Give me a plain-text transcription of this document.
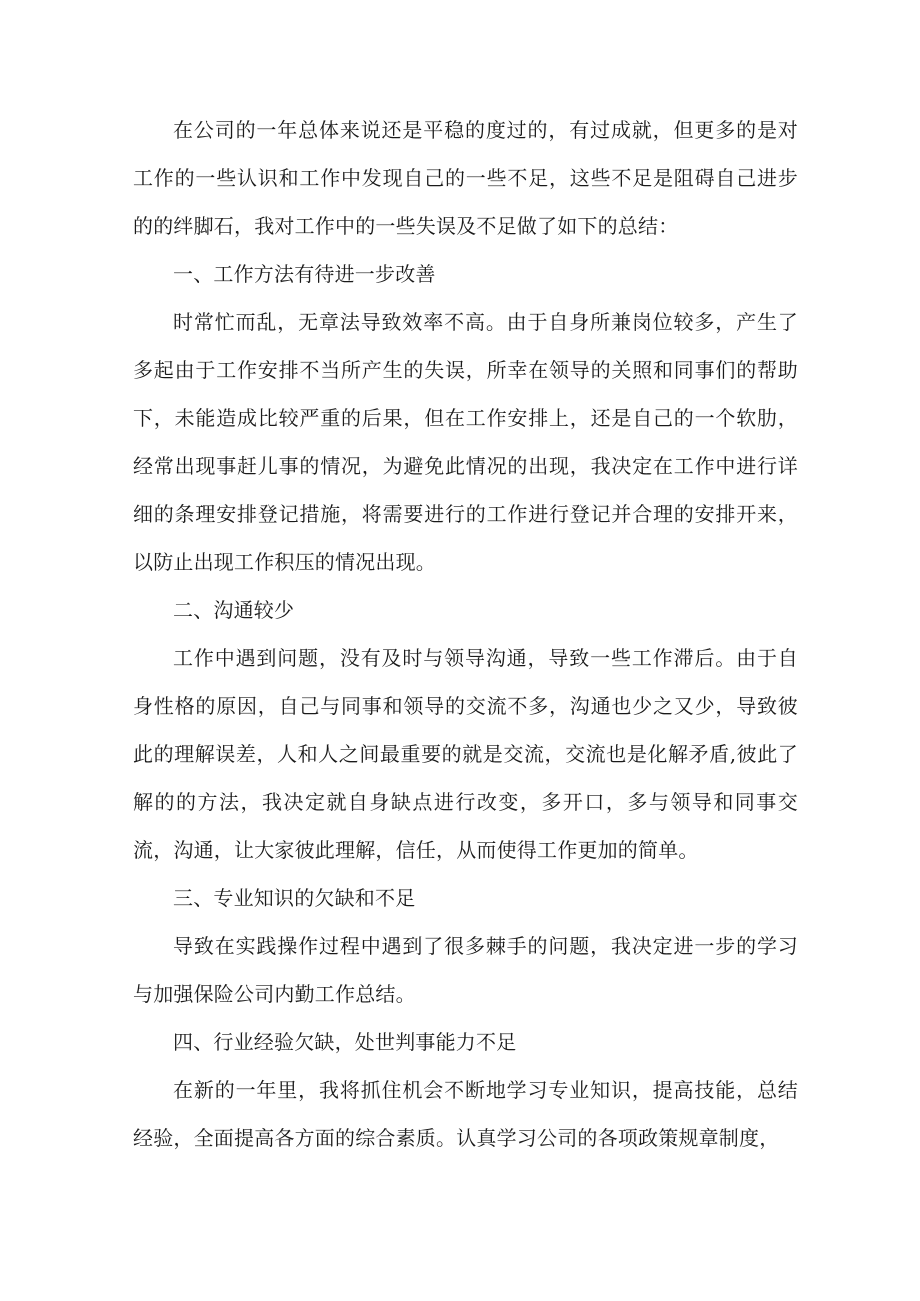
在公司的一年总体来说还是平稳的度过的，有过成就，但更多的是对工作的一些认识和工作中发现自己的一些不足，这些不足是阻碍自己进步的的绊脚石，我对工作中的一些失误及不足做了如下的总结：

一、工作方法有待进一步改善

时常忙而乱，无章法导致效率不高。由于自身所兼岗位较多，产生了多起由于工作安排不当所产生的失误，所幸在领导的关照和同事们的帮助下，未能造成比较严重的后果，但在工作安排上，还是自己的一个软肋，经常出现事赶儿事的情况，为避免此情况的出现，我决定在工作中进行详细的条理安排登记措施，将需要进行的工作进行登记并合理的安排开来，以防止出现工作积压的情况出现。

二、沟通较少

工作中遇到问题，没有及时与领导沟通，导致一些工作滞后。由于自身性格的原因，自己与同事和领导的交流不多，沟通也少之又少，导致彼此的理解误差，人和人之间最重要的就是交流，交流也是化解矛盾,彼此了解的的方法，我决定就自身缺点进行改变，多开口，多与领导和同事交流，沟通，让大家彼此理解，信任，从而使得工作更加的简单。

三、专业知识的欠缺和不足

导致在实践操作过程中遇到了很多棘手的问题，我决定进一步的学习与加强保险公司内勤工作总结。

四、行业经验欠缺，处世判事能力不足

在新的一年里，我将抓住机会不断地学习专业知识，提高技能，总结经验，全面提高各方面的综合素质。认真学习公司的各项政策规章制度，
